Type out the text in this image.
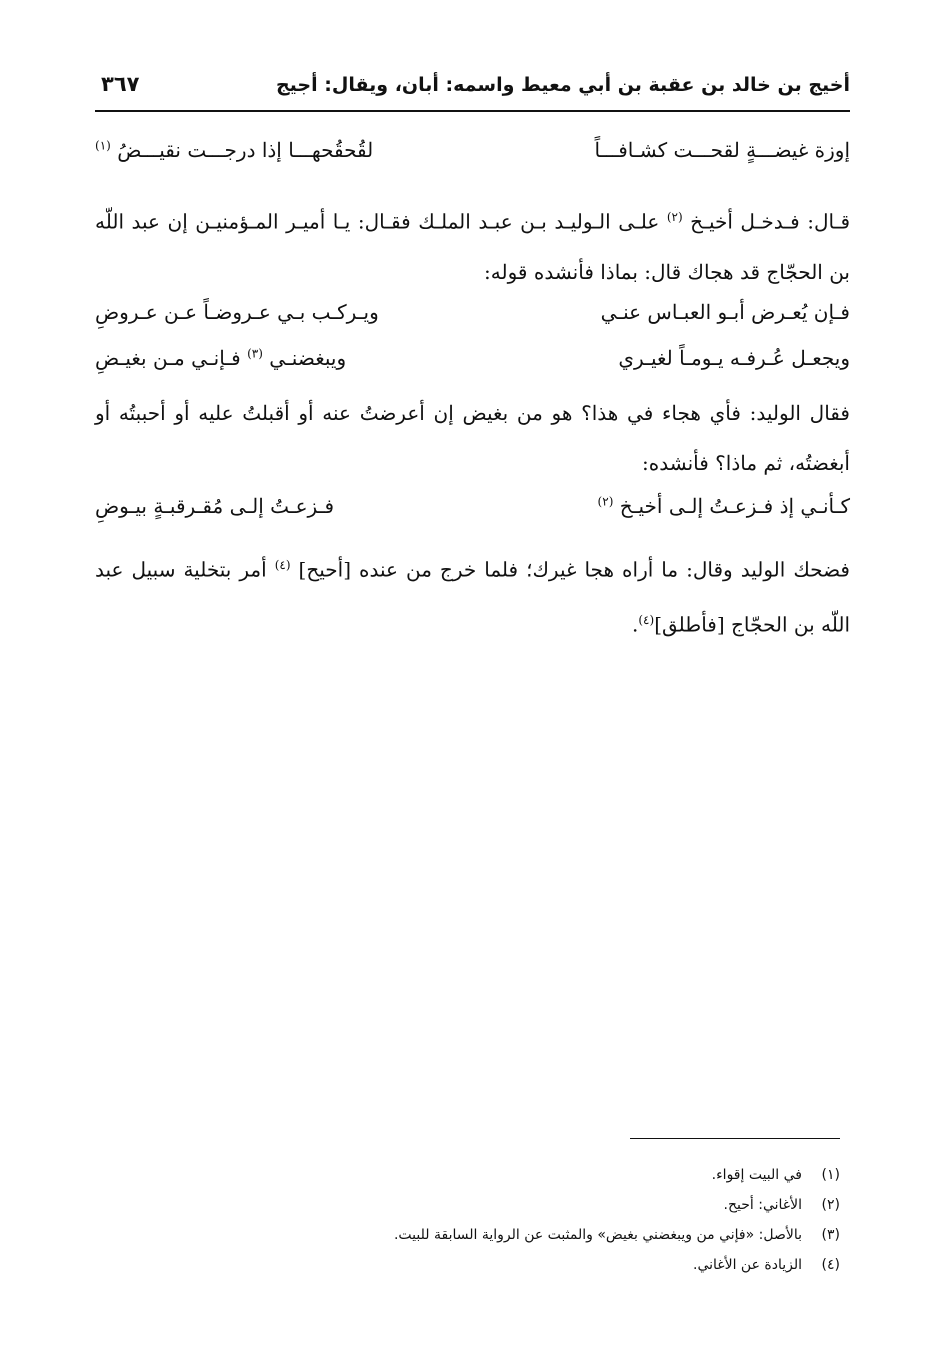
أخيج بن خالد بن عقبة بن أبي معيط واسمه: أبان، ويقال: أجيج
٣٦٧
إوزة غيضـــةٍ لقحـــت كشـافـــاً
لقُحقُحهـــا إذا درجـــت نقيـــضُ $^{(١)}$
قـال: فـدخـل أخيـخ $^{(٢)}$ علـى الـوليـد بـن عبـد الملـك فقـال: يـا أميـر المـؤمنيـن إن عبد اللّه بن الحجّاج قد هجاك قال: بماذا فأنشده قوله:
فـإن يُعـرض أبـو العبـاس عنـي
ويـركـب بـي عـروضـاً عـن عـروضِ
ويجعـل عُـرفـه يـومـاً لغيـري
ويبغضنـي $^{(٣)}$ فـإنـي مـن بغيـضِ
فقال الوليد: فأي هجاء في هذا؟ هو من بغيض إن أعرضتُ عنه أو أقبلتُ عليه أو أحببتُه أو أبغضتُه، ثم ماذا؟ فأنشده:
كـأنـي إذ فـزعـتُ إلـى أخيـخ $^{(٢)}$
فـزعـتُ إلـى مُقـرقبـةٍ بيـوضِ
فضحك الوليد وقال: ما أراه هجا غيرك؛ فلما خرج من عنده [أحيح] $^{(٤)}$ أمر بتخلية سبيل عبد اللّه بن الحجّاج [فأطلق]$^{(٤)}$.
(١)في البيت إقواء.
(٢)الأغاني: أحيح.
(٣)بالأصل: «فإني من ويبغضني بغيض» والمثبت عن الرواية السابقة للبيت.
(٤)الزيادة عن الأغاني.
